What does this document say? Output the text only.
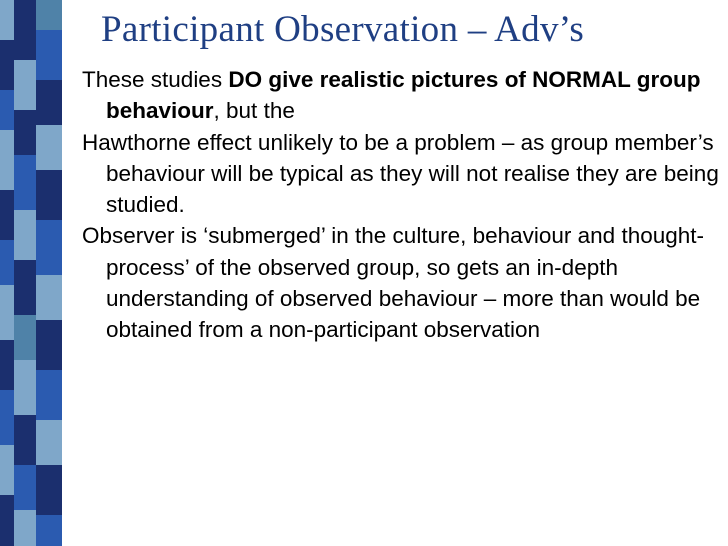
Participant Observation – Adv’s

These studies DO give realistic pictures of NORMAL group behaviour, but the

Hawthorne effect unlikely to be a problem – as group member’s behaviour will be typical as they will not realise they are being studied.

Observer is ‘submerged’ in the culture, behaviour and thought-process’ of the observed group, so gets an in-depth understanding of observed behaviour – more than would be obtained from a non-participant observation
